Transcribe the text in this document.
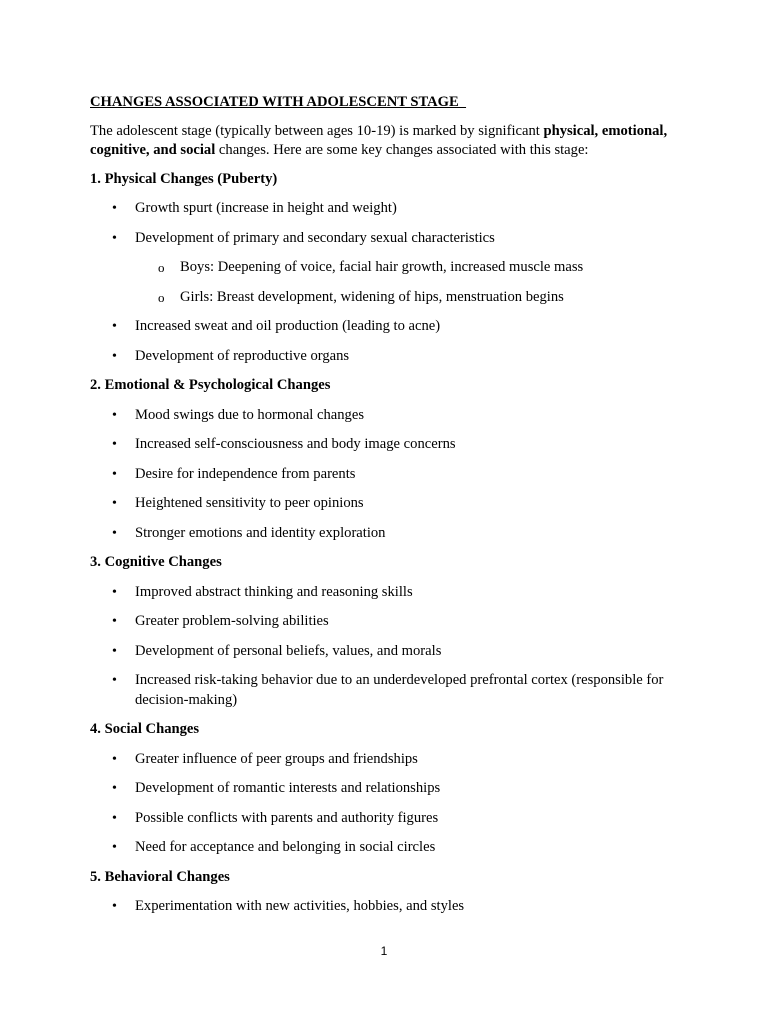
CHANGES ASSOCIATED WITH ADOLESCENT STAGE

The adolescent stage (typically between ages 10-19) is marked by significant physical, emotional, cognitive, and social changes. Here are some key changes associated with this stage:

1. Physical Changes (Puberty)

• Growth spurt (increase in height and weight)
• Development of primary and secondary sexual characteristics
o Boys: Deepening of voice, facial hair growth, increased muscle mass
o Girls: Breast development, widening of hips, menstruation begins
• Increased sweat and oil production (leading to acne)
• Development of reproductive organs

2. Emotional & Psychological Changes

• Mood swings due to hormonal changes
• Increased self-consciousness and body image concerns
• Desire for independence from parents
• Heightened sensitivity to peer opinions
• Stronger emotions and identity exploration

3. Cognitive Changes

• Improved abstract thinking and reasoning skills
• Greater problem-solving abilities
• Development of personal beliefs, values, and morals
• Increased risk-taking behavior due to an underdeveloped prefrontal cortex (responsible for decision-making)

4. Social Changes

• Greater influence of peer groups and friendships
• Development of romantic interests and relationships
• Possible conflicts with parents and authority figures
• Need for acceptance and belonging in social circles

5. Behavioral Changes

• Experimentation with new activities, hobbies, and styles
1
